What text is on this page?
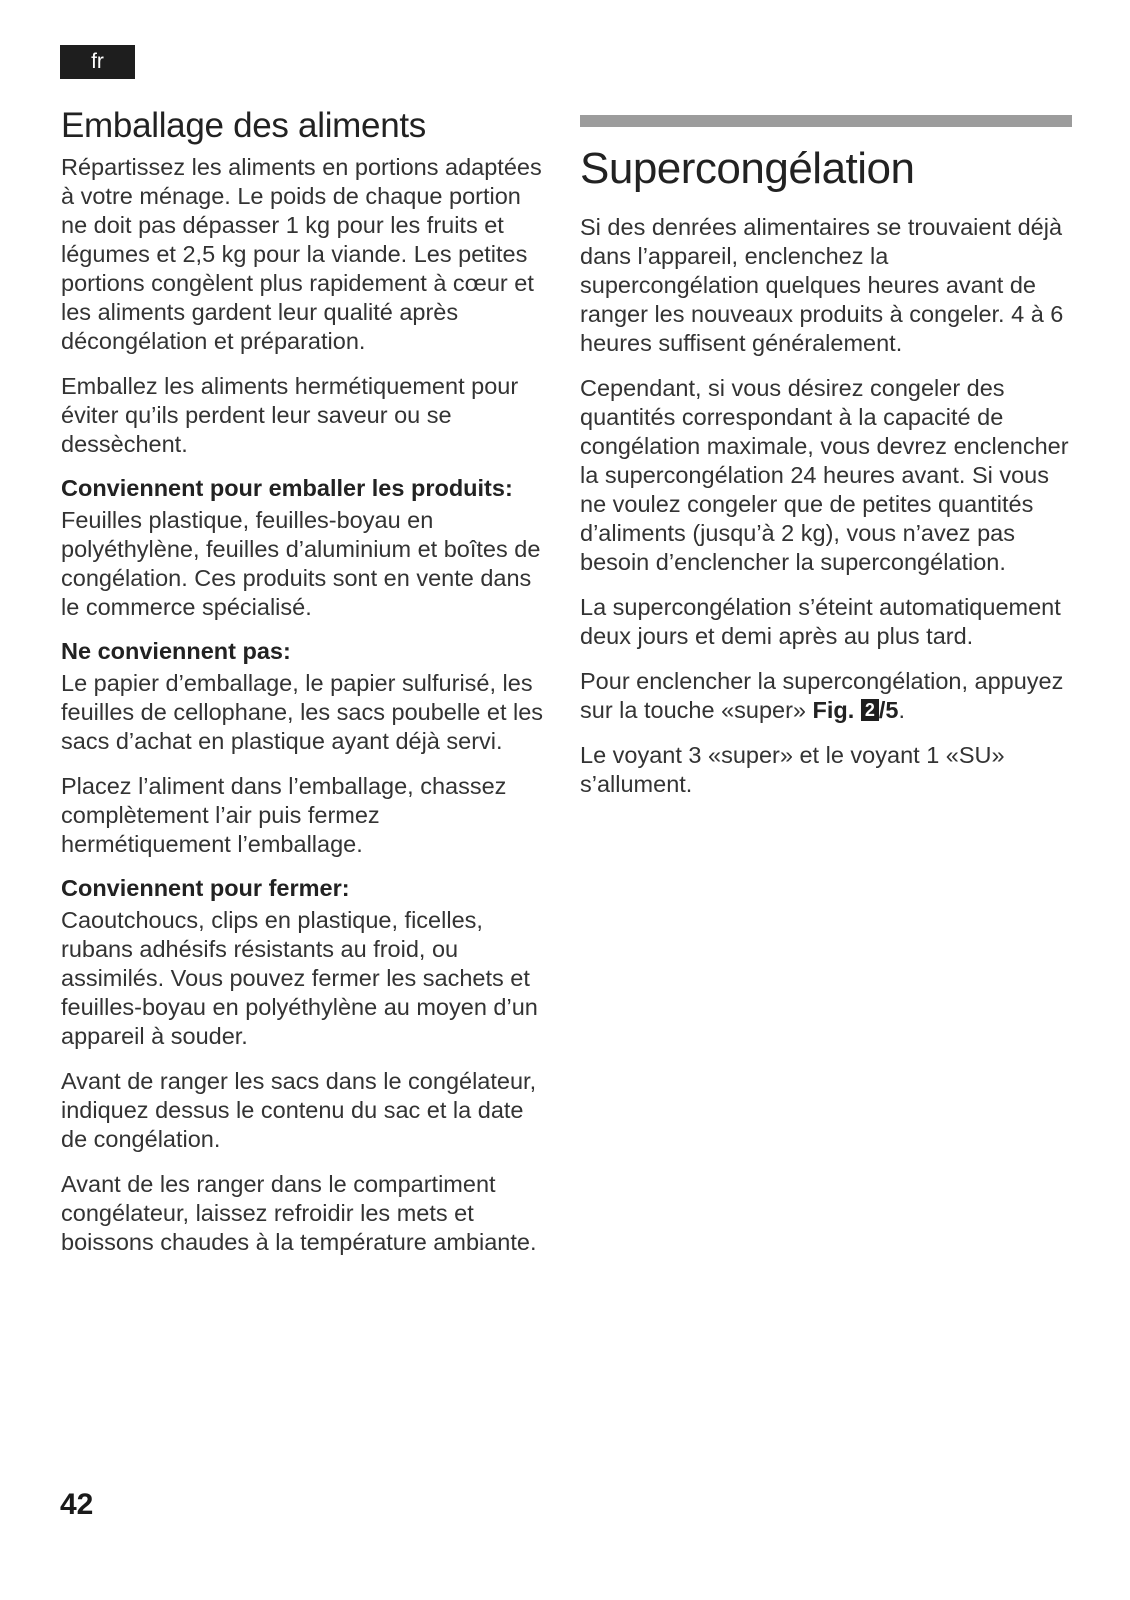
fr
Emballage des aliments

Répartissez les aliments en portions adaptées à votre ménage. Le poids de chaque portion ne doit pas dépasser 1 kg pour les fruits et légumes et 2,5 kg pour la viande. Les petites portions congèlent plus rapidement à cœur et les aliments gardent leur qualité après décongélation et préparation.

Emballez les aliments hermétiquement pour éviter qu’ils perdent leur saveur ou se dessèchent.

Conviennent pour emballer les produits:

Feuilles plastique, feuilles-boyau en polyéthylène, feuilles d’aluminium et boîtes de congélation. Ces produits sont en vente dans le commerce spécialisé.

Ne conviennent pas:

Le papier d’emballage, le papier sulfurisé, les feuilles de cellophane, les sacs poubelle et les sacs d’achat en plastique ayant déjà servi.

Placez l’aliment dans l’emballage, chassez complètement l’air puis fermez hermétiquement l’emballage.

Conviennent pour fermer:

Caoutchoucs, clips en plastique, ficelles, rubans adhésifs résistants au froid, ou assimilés. Vous pouvez fermer les sachets et feuilles-boyau en polyéthylène au moyen d’un appareil à souder.

Avant de ranger les sacs dans le congélateur, indiquez dessus le contenu du sac et la date de congélation.

Avant de les ranger dans le compartiment congélateur, laissez refroidir les mets et boissons chaudes à la température ambiante.

Supercongélation

Si des denrées alimentaires se trouvaient déjà dans l’appareil, enclenchez la supercongélation quelques heures avant de ranger les nouveaux produits à congeler. 4 à 6 heures suffisent généralement.

Cependant, si vous désirez congeler des quantités correspondant à la capacité de congélation maximale, vous devrez enclencher la supercongélation 24 heures avant. Si vous ne voulez congeler que de petites quantités d’aliments (jusqu’à 2 kg), vous n’avez pas besoin d’enclencher la supercongélation.

La supercongélation s’éteint automatiquement deux jours et demi après au plus tard.

Pour enclencher la supercongélation, appuyez sur la touche «super» Fig. 2 /5.

Le voyant 3 «super» et le voyant 1 «SU» s’allument.

42
